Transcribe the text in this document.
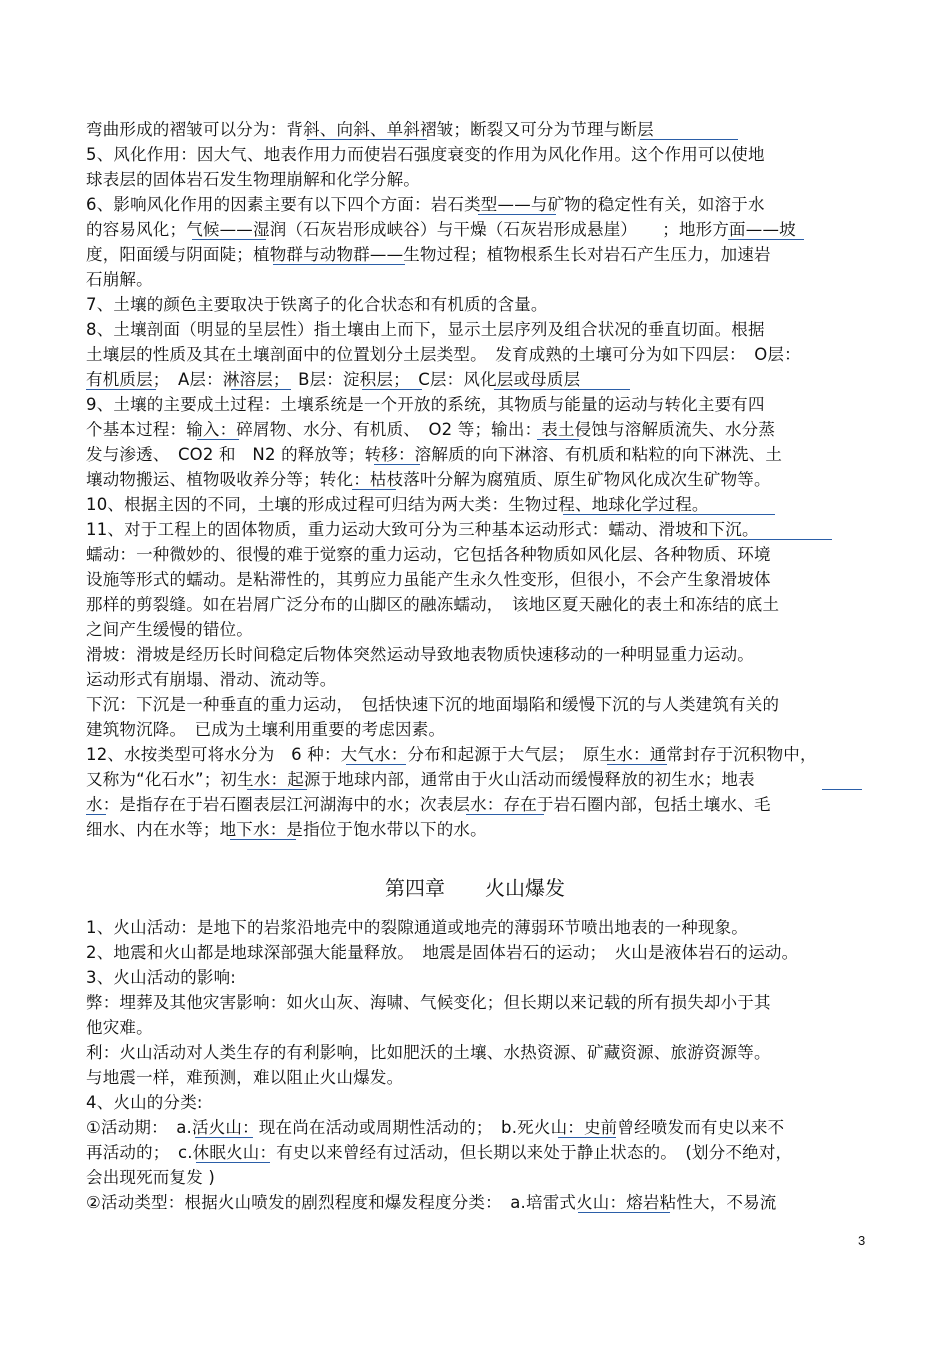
弯曲形成的褶皱可以分为：背斜、向斜、单斜褶皱；断裂又可分为节理与断层
5、风化作用：因大气、地表作用力而使岩石强度衰变的作用为风化作用。这个作用可以使地
球表层的固体岩石发生物理崩解和化学分解。
6、影响风化作用的因素主要有以下四个方面：岩石类型——与矿物的稳定性有关，如溶于水
的容易风化；气候——湿润（石灰岩形成峡谷）与干燥（石灰岩形成悬崖）　　；地形方面——坡
度，阳面缓与阴面陡；植物群与动物群——生物过程；植物根系生长对岩石产生压力，加速岩
石崩解。
7、土壤的颜色主要取决于铁离子的化合状态和有机质的含量。
8、土壤剖面（明显的呈层性）指土壤由上而下，显示土层序列及组合状况的垂直切面。根据
土壤层的性质及其在土壤剖面中的位置划分土层类型。　发育成熟的土壤可分为如下四层：　O层：
有机质层；　A层：淋溶层；　B层：淀积层；　C层：风化层或母质层
9、土壤的主要成土过程：土壤系统是一个开放的系统，其物质与能量的运动与转化主要有四
个基本过程：输入：碎屑物、水分、有机质、　O2 等；输出：表土侵蚀与溶解质流失、水分蒸
发与渗透、　CO2 和　N2 的释放等；转移：溶解质的向下淋溶、有机质和粘粒的向下淋洗、土
壤动物搬运、植物吸收养分等；转化：枯枝落叶分解为腐殖质、原生矿物风化成次生矿物等。
10、根据主因的不同，土壤的形成过程可归结为两大类：生物过程、地球化学过程。
11、对于工程上的固体物质，重力运动大致可分为三种基本运动形式：蠕动、滑坡和下沉。
蠕动：一种微妙的、很慢的难于觉察的重力运动，它包括各种物质如风化层、各种物质、环境
设施等形式的蠕动。是粘滞性的，其剪应力虽能产生永久性变形，但很小，不会产生象滑坡体
那样的剪裂缝。如在岩屑广泛分布的山脚区的融冻蠕动，　该地区夏天融化的表土和冻结的底土
之间产生缓慢的错位。
滑坡：滑坡是经历长时间稳定后物体突然运动导致地表物质快速移动的一种明显重力运动。
运动形式有崩塌、滑动、流动等。
下沉：下沉是一种垂直的重力运动，　包括快速下沉的地面塌陷和缓慢下沉的与人类建筑有关的
建筑物沉降。　已成为土壤利用重要的考虑因素。
12、水按类型可将水分为　6 种：大气水：分布和起源于大气层；　原生水：通常封存于沉积物中，
又称为“化石水”；初生水：起源于地球内部，通常由于火山活动而缓慢释放的初生水；地表
水：是指存在于岩石圈表层江河湖海中的水；次表层水：存在于岩石圈内部，包括土壤水、毛
细水、内在水等；地下水：是指位于饱水带以下的水。
第四章　　火山爆发
1、火山活动：是地下的岩浆沿地壳中的裂隙通道或地壳的薄弱环节喷出地表的一种现象。
2、地震和火山都是地球深部强大能量释放。　地震是固体岩石的运动；　火山是液体岩石的运动。
3、火山活动的影响:
弊：埋葬及其他灾害影响：如火山灰、海啸、气候变化；但长期以来记载的所有损失却小于其
他灾难。
利：火山活动对人类生存的有利影响，比如肥沃的土壤、水热资源、矿藏资源、旅游资源等。
与地震一样，难预测，难以阻止火山爆发。
4、火山的分类:
①活动期：　a.活火山：现在尚在活动或周期性活动的；　b.死火山：史前曾经喷发而有史以来不
再活动的；　c.休眠火山：有史以来曾经有过活动，但长期以来处于静止状态的。　(划分不绝对，
会出现死而复发 )
②活动类型：根据火山喷发的剧烈程度和爆发程度分类：　a.培雷式火山：熔岩粘性大，不易流
3
